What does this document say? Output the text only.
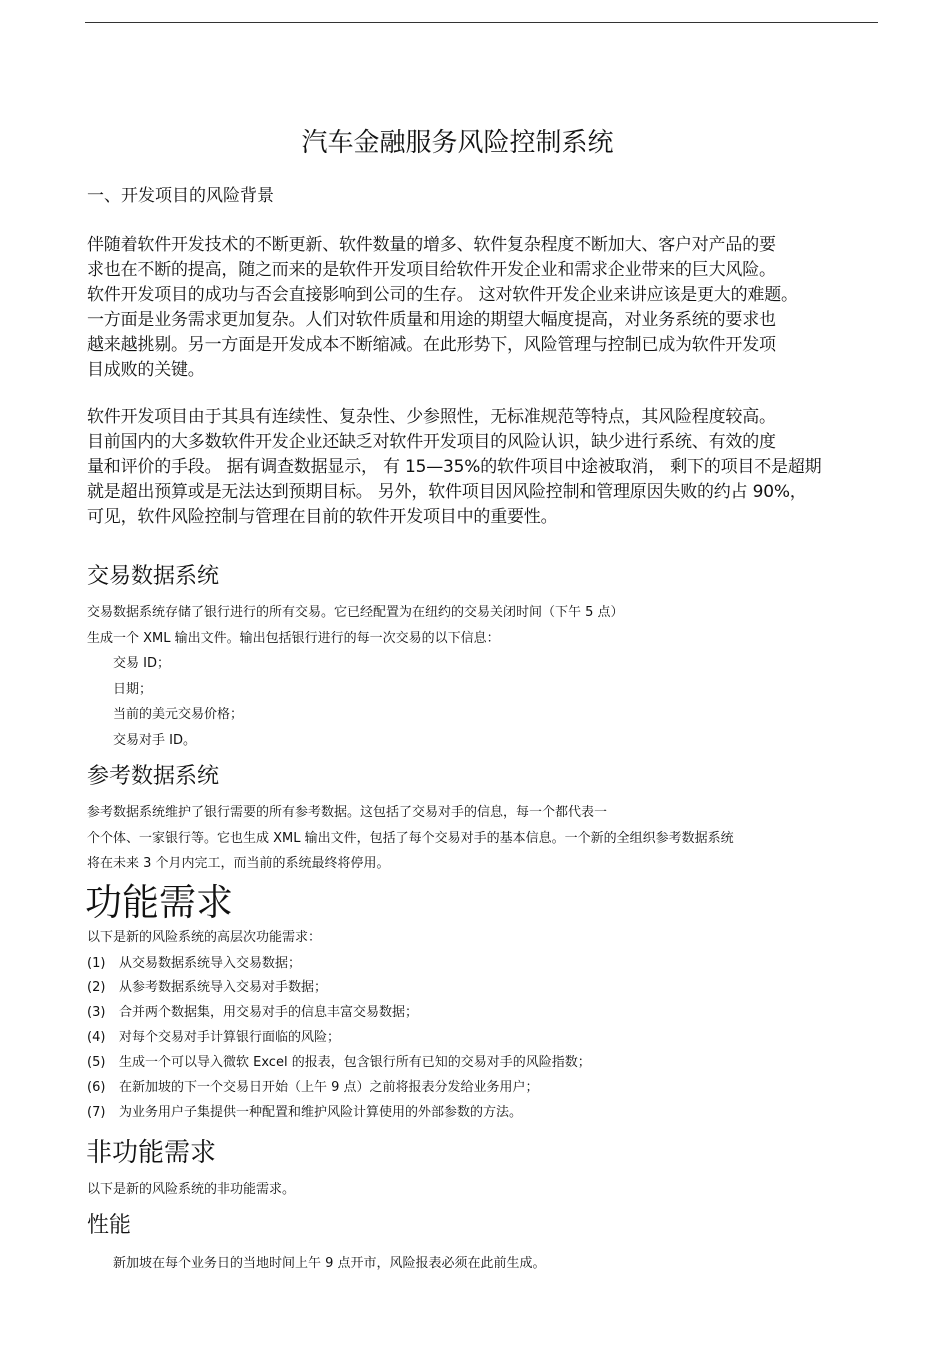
汽车金融服务风险控制系统
一、开发项目的风险背景
伴随着软件开发技术的不断更新、软件数量的增多、软件复杂程度不断加大、客户对产品的要
求也在不断的提高，随之而来的是软件开发项目给软件开发企业和需求企业带来的巨大风险。
软件开发项目的成功与否会直接影响到公司的生存。 这对软件开发企业来讲应该是更大的难题。
一方面是业务需求更加复杂。人们对软件质量和用途的期望大幅度提高，对业务系统的要求也
越来越挑剔。另一方面是开发成本不断缩减。在此形势下，风险管理与控制已成为软件开发项
目成败的关键。
软件开发项目由于其具有连续性、复杂性、少参照性，无标准规范等特点，其风险程度较高。
目前国内的大多数软件开发企业还缺乏对软件开发项目的风险认识，缺少进行系统、有效的度
量和评价的手段。 据有调查数据显示， 有 15—35%的软件项目中途被取消， 剩下的项目不是超期
就是超出预算或是无法达到预期目标。 另外，软件项目因风险控制和管理原因失败的约占 90%，
可见，软件风险控制与管理在目前的软件开发项目中的重要性。
交易数据系统
交易数据系统存储了银行进行的所有交易。它已经配置为在纽约的交易关闭时间（下午 5 点）
生成一个 XML 输出文件。输出包括银行进行的每一次交易的以下信息：
交易 ID；
日期；
当前的美元交易价格；
交易对手 ID。
参考数据系统
参考数据系统维护了银行需要的所有参考数据。这包括了交易对手的信息，每一个都代表一
个个体、一家银行等。它也生成 XML 输出文件，包括了每个交易对手的基本信息。一个新的全组织参考数据系统
将在未来 3 个月内完工，而当前的系统最终将停用。
功能需求
以下是新的风险系统的高层次功能需求：
(1) 从交易数据系统导入交易数据；
(2) 从参考数据系统导入交易对手数据；
(3) 合并两个数据集，用交易对手的信息丰富交易数据；
(4) 对每个交易对手计算银行面临的风险；
(5) 生成一个可以导入微软 Excel 的报表，包含银行所有已知的交易对手的风险指数；
(6) 在新加坡的下一个交易日开始（上午 9 点）之前将报表分发给业务用户；
(7) 为业务用户子集提供一种配置和维护风险计算使用的外部参数的方法。
非功能需求
以下是新的风险系统的非功能需求。
性能
新加坡在每个业务日的当地时间上午 9 点开市，风险报表必须在此前生成。
